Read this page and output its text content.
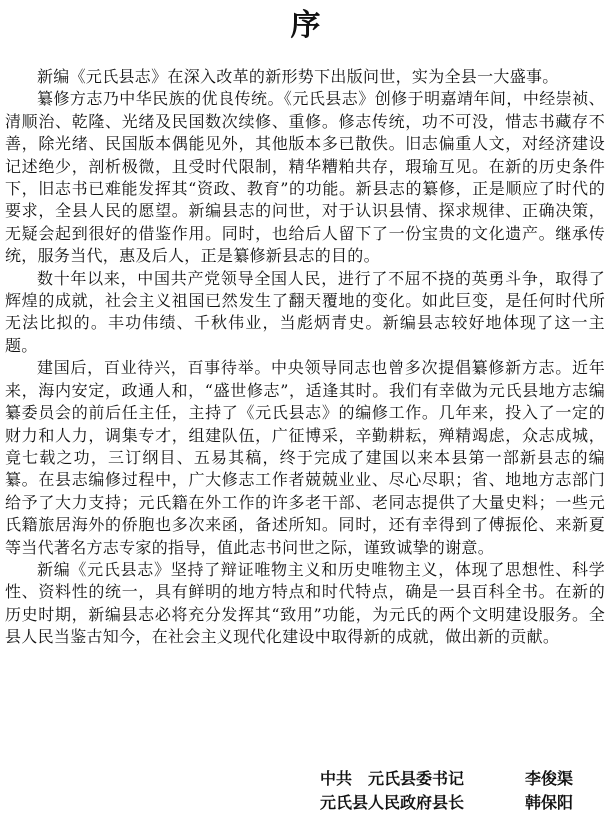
序

新编《元氏县志》在深入改革的新形势下出版问世，实为全县一大盛事。

纂修方志乃中华民族的优良传统。《元氏县志》创修于明嘉靖年间，中经崇祯、清顺治、乾隆、光绪及民国数次续修、重修。修志传统，功不可没，惜志书藏存不善，除光绪、民国版本偶能见外，其他版本多已散佚。旧志偏重人文，对经济建设记述绝少，剖析极微，且受时代限制，精华糟粕共存，瑕瑜互见。在新的历史条件下，旧志书已难能发挥其“资政、教育”的功能。新县志的纂修，正是顺应了时代的要求，全县人民的愿望。新编县志的问世，对于认识县情、探求规律、正确决策，无疑会起到很好的借鉴作用。同时，也给后人留下了一份宝贵的文化遗产。继承传统，服务当代，惠及后人，正是纂修新县志的目的。

数十年以来，中国共产党领导全国人民，进行了不屈不挠的英勇斗争，取得了辉煌的成就，社会主义祖国已然发生了翻天覆地的变化。如此巨变，是任何时代所无法比拟的。丰功伟绩、千秋伟业，当彪炳青史。新编县志较好地体现了这一主题。

建国后，百业待兴，百事待举。中央领导同志也曾多次提倡纂修新方志。近年来，海内安定，政通人和，“盛世修志”，适逢其时。我们有幸做为元氏县地方志编纂委员会的前后任主任，主持了《元氏县志》的编修工作。几年来，投入了一定的财力和人力，调集专才，组建队伍，广征博采，辛勤耕耘，殚精竭虑，众志成城，竟七载之功，三订纲目、五易其稿，终于完成了建国以来本县第一部新县志的编纂。在县志编修过程中，广大修志工作者兢兢业业、尽心尽职；省、地地方志部门给予了大力支持；元氏籍在外工作的许多老干部、老同志提供了大量史料；一些元氏籍旅居海外的侨胞也多次来函，备述所知。同时，还有幸得到了傅振伦、来新夏等当代著名方志专家的指导，值此志书问世之际，谨致诚挚的谢意。

新编《元氏县志》坚持了辩证唯物主义和历史唯物主义，体现了思想性、科学性、资料性的统一，具有鲜明的地方特点和时代特点，确是一县百科全书。在新的历史时期，新编县志必将充分发挥其“致用”功能，为元氏的两个文明建设服务。全县人民当鉴古知今，在社会主义现代化建设中取得新的成就，做出新的贡献。

中共　元氏县委书记	李俊渠
元氏县人民政府县长	韩保阳
